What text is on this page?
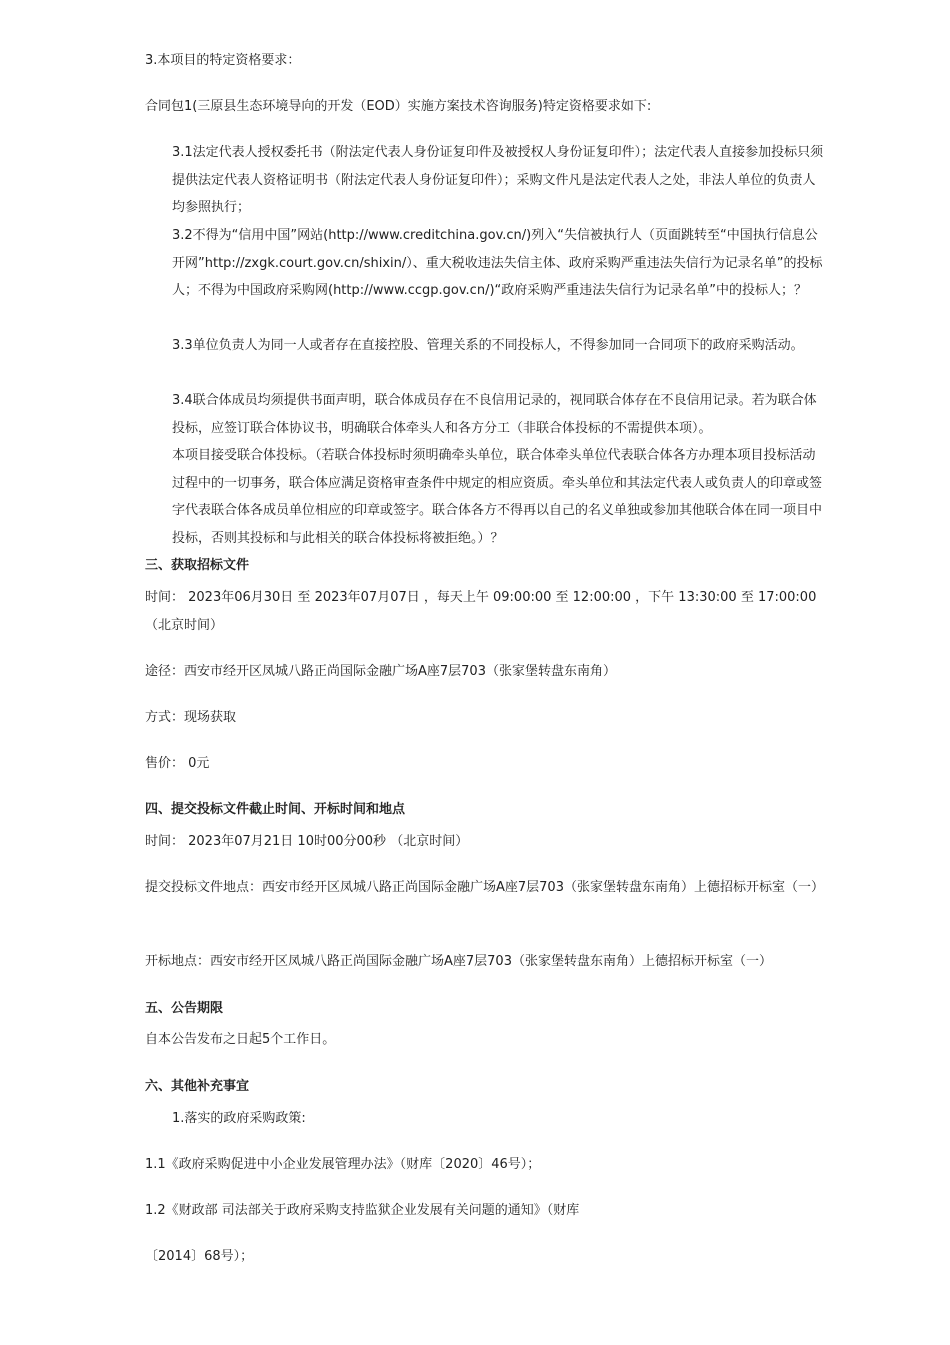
3.本项目的特定资格要求：

合同包1(三原县生态环境导向的开发（EOD）实施方案技术咨询服务)特定资格要求如下:

3.1法定代表人授权委托书（附法定代表人身份证复印件及被授权人身份证复印件）；法定代表人直接参加投标只须提供法定代表人资格证明书（附法定代表人身份证复印件）；采购文件凡是法定代表人之处，非法人单位的负责人均参照执行；

3.2不得为“信用中国”网站(http://www.creditchina.gov.cn/)列入“失信被执行人（页面跳转至“中国执行信息公开网”http://zxgk.court.gov.cn/shixin/）、重大税收违法失信主体、政府采购严重违法失信行为记录名单”的投标人；不得为中国政府采购网(http://www.ccgp.gov.cn/)“政府采购严重违法失信行为记录名单”中的投标人；？

3.3单位负责人为同一人或者存在直接控股、管理关系的不同投标人，不得参加同一合同项下的政府采购活动。

3.4联合体成员均须提供书面声明，联合体成员存在不良信用记录的，视同联合体存在不良信用记录。若为联合体投标，应签订联合体协议书，明确联合体牵头人和各方分工（非联合体投标的不需提供本项）。

本项目接受联合体投标。（若联合体投标时须明确牵头单位，联合体牵头单位代表联合体各方办理本项目投标活动过程中的一切事务，联合体应满足资格审查条件中规定的相应资质。牵头单位和其法定代表人或负责人的印章或签字代表联合体各成员单位相应的印章或签字。联合体各方不得再以自己的名义单独或参加其他联合体在同一项目中投标，否则其投标和与此相关的联合体投标将被拒绝。）？

三、获取招标文件

时间： 2023年06月30日 至 2023年07月07日 ，每天上午 09:00:00 至 12:00:00 ，下午 13:30:00 至 17:00:00 （北京时间）

途径：西安市经开区凤城八路正尚国际金融广场A座7层703（张家堡转盘东南角）

方式：现场获取

售价： 0元

四、提交投标文件截止时间、开标时间和地点

时间： 2023年07月21日 10时00分00秒 （北京时间）

提交投标文件地点：西安市经开区凤城八路正尚国际金融广场A座7层703（张家堡转盘东南角）上德招标开标室（一）

开标地点：西安市经开区凤城八路正尚国际金融广场A座7层703（张家堡转盘东南角）上德招标开标室（一）

五、公告期限

自本公告发布之日起5个工作日。

六、其他补充事宜

1.落实的政府采购政策:

1.1《政府采购促进中小企业发展管理办法》（财库〔2020〕46号）；

1.2《财政部 司法部关于政府采购支持监狱企业发展有关问题的通知》（财库

〔2014〕68号）；
